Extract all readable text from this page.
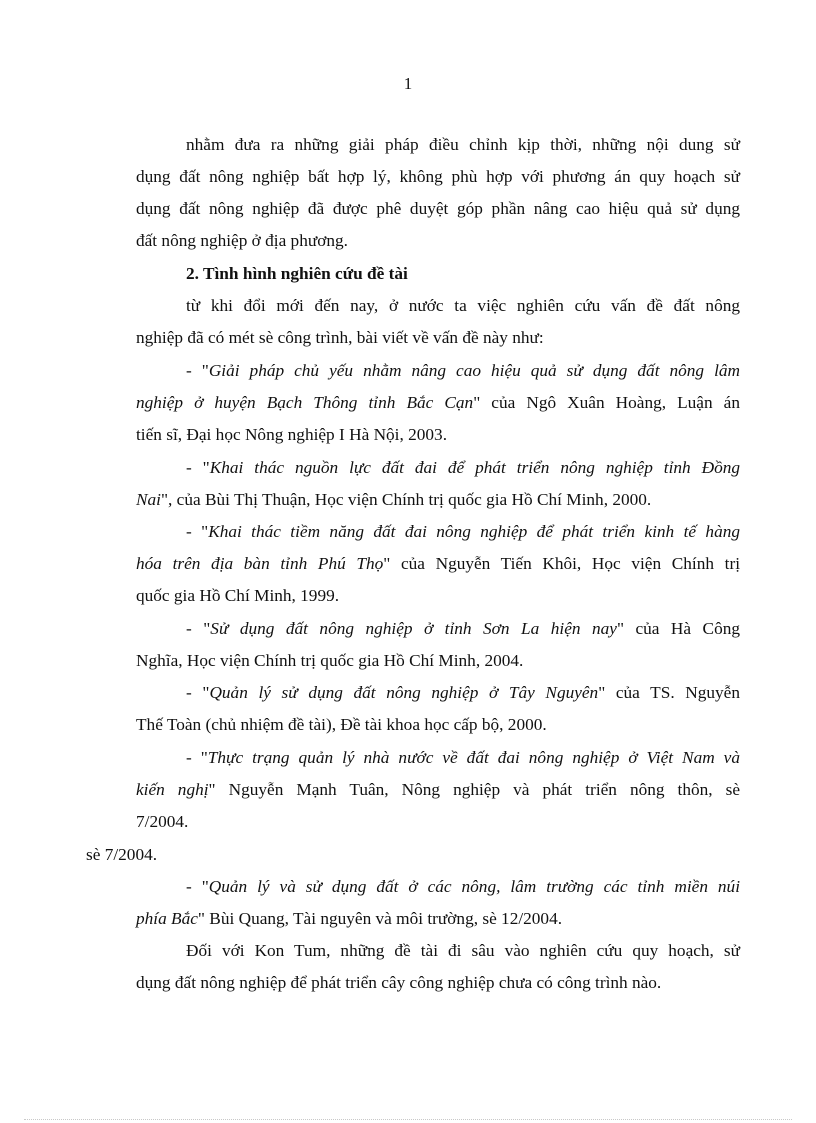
1
nhằm đưa ra những giải pháp điều chỉnh kịp thời, những nội dung sử
dụng đất nông nghiệp bất hợp lý, không phù hợp với phương án quy hoạch sử
dụng đất nông nghiệp đã được phê duyệt góp phần nâng cao hiệu quả sử dụng
đất nông nghiệp ở địa phương.
2. Tình hình nghiên cứu đề tài
từ khi đổi mới đến nay, ở nước ta việc nghiên cứu vấn đề đất nông
nghiệp đã có mét sè công trình, bài viết về vấn đề này như:
- "Giải pháp chủ yếu nhằm nâng cao hiệu quả sử dụng đất nông lâm
nghiệp ở huyện Bạch Thông tỉnh Bắc Cạn" của Ngô Xuân Hoàng, Luận án
tiến sĩ, Đại học Nông nghiệp I Hà Nội, 2003.
- "Khai thác nguồn lực đất đai để phát triển nông nghiệp tỉnh Đồng
Nai", của Bùi Thị Thuận, Học viện Chính trị quốc gia Hồ Chí Minh, 2000.
- "Khai thác tiềm năng đất đai nông nghiệp để phát triển kinh tế hàng
hóa trên địa bàn tỉnh Phú Thọ" của Nguyễn Tiến Khôi, Học viện Chính trị
quốc gia Hồ Chí Minh, 1999.
- "Sử dụng đất nông nghiệp ở tỉnh Sơn La hiện nay" của Hà Công
Nghĩa, Học viện Chính trị quốc gia Hồ Chí Minh, 2004.
- "Quản lý sử dụng đất nông nghiệp ở Tây Nguyên" của TS. Nguyễn
Thế Toàn (chủ nhiệm đề tài), Đề tài khoa học cấp bộ, 2000.
- "Thực trạng quản lý nhà nước về đất đai nông nghiệp ở Việt Nam và
kiến nghị" Nguyễn Mạnh Tuân, Nông nghiệp và phát triển nông thôn, sè
7/2004.
sè 7/2004.
- "Quản lý và sử dụng đất ở các nông, lâm trường các tỉnh miền núi
phía Bắc" Bùi Quang, Tài nguyên và môi trường, sè 12/2004.
Đối với Kon Tum, những đề tài đi sâu vào nghiên cứu quy hoạch, sử
dụng đất nông nghiệp để phát triển cây công nghiệp chưa có công trình nào.
